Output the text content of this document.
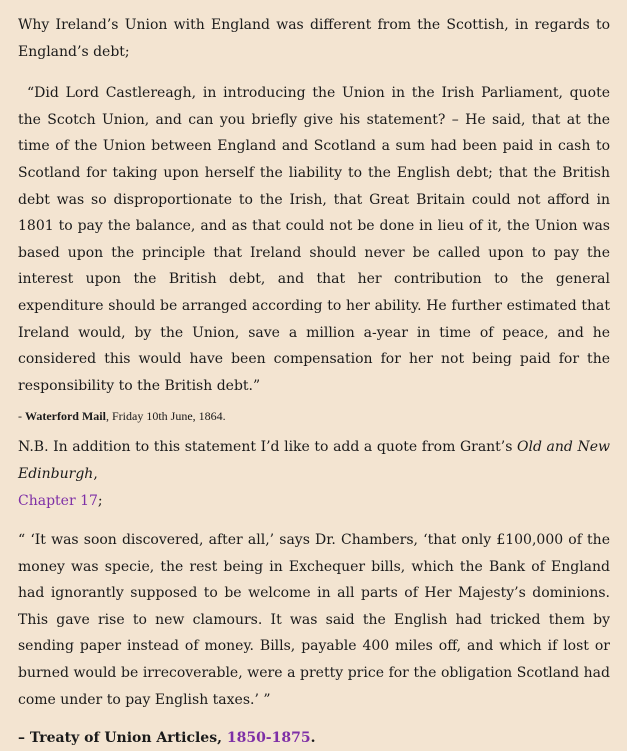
Why Ireland’s Union with England was different from the Scottish, in regards to England’s debt;

“Did Lord Castlereagh, in introducing the Union in the Irish Parliament, quote the Scotch Union, and can you briefly give his statement? – He said, that at the time of the Union between England and Scotland a sum had been paid in cash to Scotland for taking upon herself the liability to the English debt; that the British debt was so disproportionate to the Irish, that Great Britain could not afford in 1801 to pay the balance, and as that could not be done in lieu of it, the Union was based upon the principle that Ireland should never be called upon to pay the interest upon the British debt, and that her contribution to the general expenditure should be arranged according to her ability. He further estimated that Ireland would, by the Union, save a million a-year in time of peace, and he considered this would have been compensation for her not being paid for the responsibility to the British debt.”

- Waterford Mail, Friday 10th June, 1864.

N.B. In addition to this statement I’d like to add a quote from Grant’s Old and New Edinburgh,
Chapter 17;

“ ‘It was soon discovered, after all,’ says Dr. Chambers, ‘that only £100,000 of the money was specie, the rest being in Exchequer bills, which the Bank of England had ignorantly supposed to be welcome in all parts of Her Majesty’s dominions. This gave rise to new clamours. It was said the English had tricked them by sending paper instead of money. Bills, payable 400 miles off, and which if lost or burned would be irrecoverable, were a pretty price for the obligation Scotland had come under to pay English taxes.’ ”

– Treaty of Union Articles, 1850-1875.
